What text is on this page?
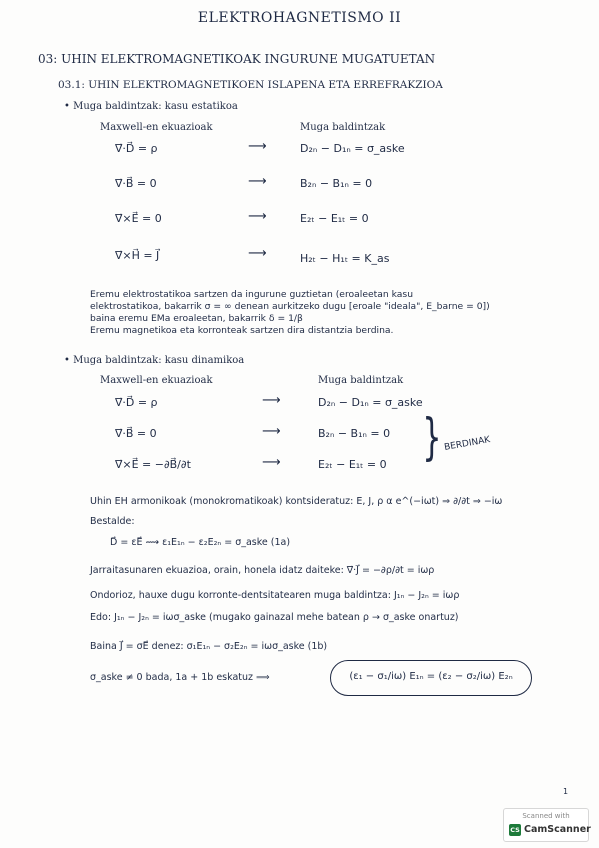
ELEKTROHAGNETISMO II
03: UHIN ELEKTROMAGNETIKOAK INGURUNE MUGATUETAN
03.1: UHIN ELEKTROMAGNETIKOEN ISLAPENA ETA ERREFRAKZIOA
• Muga baldintzak: kasu estatikoa
Maxwell-en ekuazioak	Muga baldintzak
∇⃗·D⃗ = ρ	⟶	D₂ₙ − D₁ₙ = σ_aske
∇⃗·B⃗ = 0	⟶	B₂ₙ − B₁ₙ = 0
∇⃗×E⃗ = 0	⟶	E₂ₜ − E₁ₜ = 0
∇⃗×H⃗ = J⃗	⟶	H₂ₜ − H₁ₜ = K_as
Eremu elektrostatikoa sartzen da ingurune guztietan (eroaleetan kasu
elektrostatikoa, bakarrik σ = ∞ denean aurkitzeko dugu [eroale "ideala", E_barne = 0])
baina eremu EMa eroaleetan, bakarrik δ = 1/β
Eremu magnetikoa eta korronteak sartzen dira distantzia berdina.
• Muga baldintzak: kasu dinamikoa
Maxwell-en ekuazioak	Muga baldintzak
∇⃗·D⃗ = ρ	⟶	D₂ₙ − D₁ₙ = σ_aske
∇⃗·B⃗ = 0	⟶	B₂ₙ − B₁ₙ = 0
∇⃗×E⃗ = −∂B⃗/∂t	⟶	E₂ₜ − E₁ₜ = 0 } BERDINAK
Uhin EH armonikoak (monokromatikoak) kontsideratuz: E, J, ρ α e^(−iωt) ⇒ ∂/∂t ⇒ −iω
Bestalde:
D⃗ = εE⃗ ⟿ ε₁E₁ₙ − ε₂E₂ₙ = σ_aske (1a)
Jarraitasunaren ekuazioa, orain, honela idatz daiteke: ∇⃗·J⃗ = −∂ρ/∂t = iωρ
Ondorioz, hauxe dugu korronte-dentsitatearen muga baldintza: J₁ₙ − J₂ₙ = iωρ
Edo: J₁ₙ − J₂ₙ = iωσ_aske (mugako gainazal mehe batean ρ → σ_aske onartuz)
Baina J⃗ = σE⃗ denez: σ₁E₁ₙ − σ₂E₂ₙ = iωσ_aske (1b)
σ_aske ≠ 0 bada, 1a + 1b eskatuz ⟹	(ε₁ − σ₁/iω) E₁ₙ = (ε₂ − σ₂/iω) E₂ₙ
1
Scanned with
CS CamScanner
